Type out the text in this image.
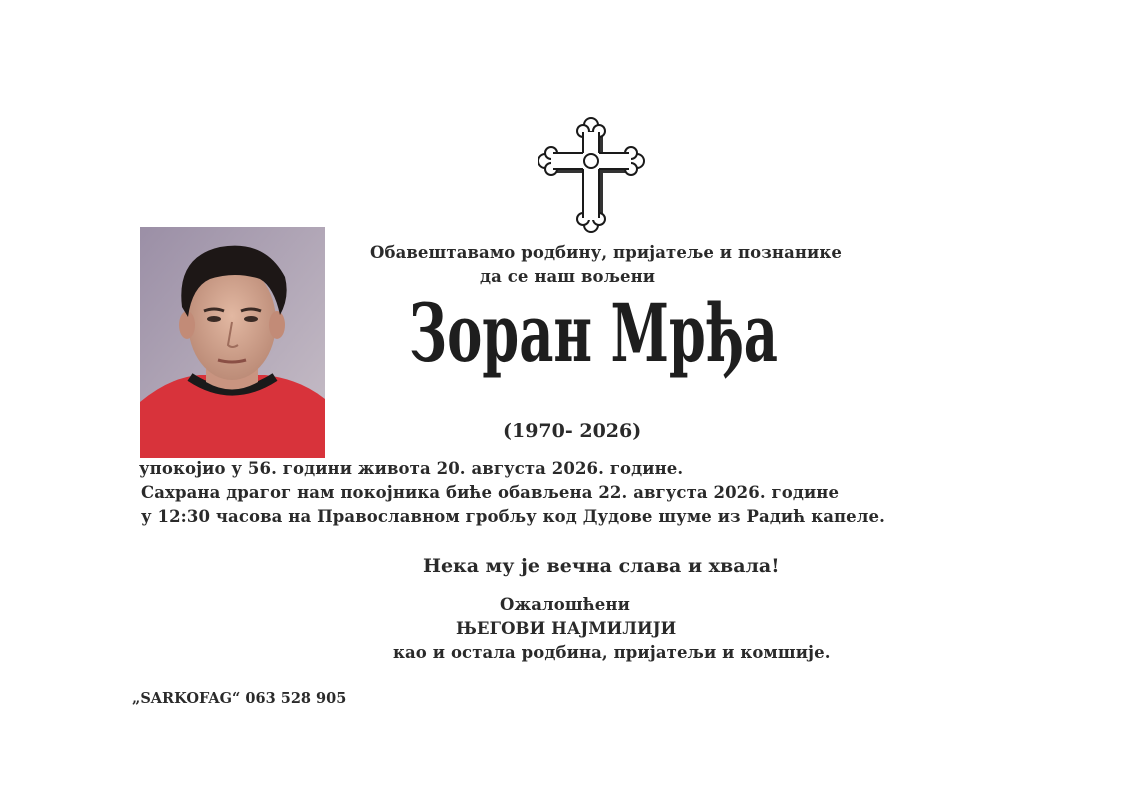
Обавештавамо родбину, пријатеље и познанике
да се наш вољени
Зоран Мрђа
(1970- 2026)
упокојио у 56. години живота 20. августа 2026. године.
Сахрана драгог нам покојника биће обављена 22. августа 2026. године
у 12:30 часова на Православном гробљу код Дудове шуме из Радић капеле.
Нека му је вечна слава и хвала!
Ожалошћени
ЊЕГОВИ НАЈМИЛИЈИ
као и остала родбина, пријатељи и комшије.
„SARKOFAG“ 063 528 905
